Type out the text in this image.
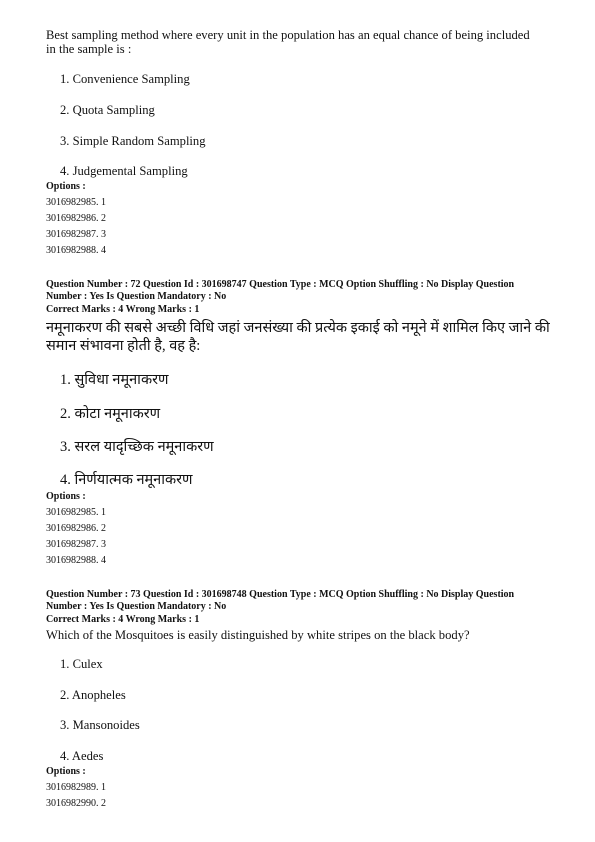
Best sampling method where every unit in the population has an equal chance of being included
in the sample is :
1. Convenience Sampling
2. Quota Sampling
3. Simple Random Sampling
4. Judgemental Sampling
Options :
3016982985. 1
3016982986. 2
3016982987. 3
3016982988. 4
Question Number : 72 Question Id : 301698747 Question Type : MCQ Option Shuffling : No Display Question
Number : Yes Is Question Mandatory : No
Correct Marks : 4 Wrong Marks : 1
नमूनाकरण की सबसे अच्छी विधि जहां जनसंख्या की प्रत्येक इकाई को नमूने में शामिल किए जाने की
समान संभावना होती है, वह है:
1. सुविधा नमूनाकरण
2. कोटा नमूनाकरण
3. सरल यादृच्छिक नमूनाकरण
4. निर्णयात्मक नमूनाकरण
Options :
3016982985. 1
3016982986. 2
3016982987. 3
3016982988. 4
Question Number : 73 Question Id : 301698748 Question Type : MCQ Option Shuffling : No Display Question
Number : Yes Is Question Mandatory : No
Correct Marks : 4 Wrong Marks : 1
Which of the Mosquitoes is easily distinguished by white stripes on the black body?
1. Culex
2. Anopheles
3. Mansonoides
4. Aedes
Options :
3016982989. 1
3016982990. 2
